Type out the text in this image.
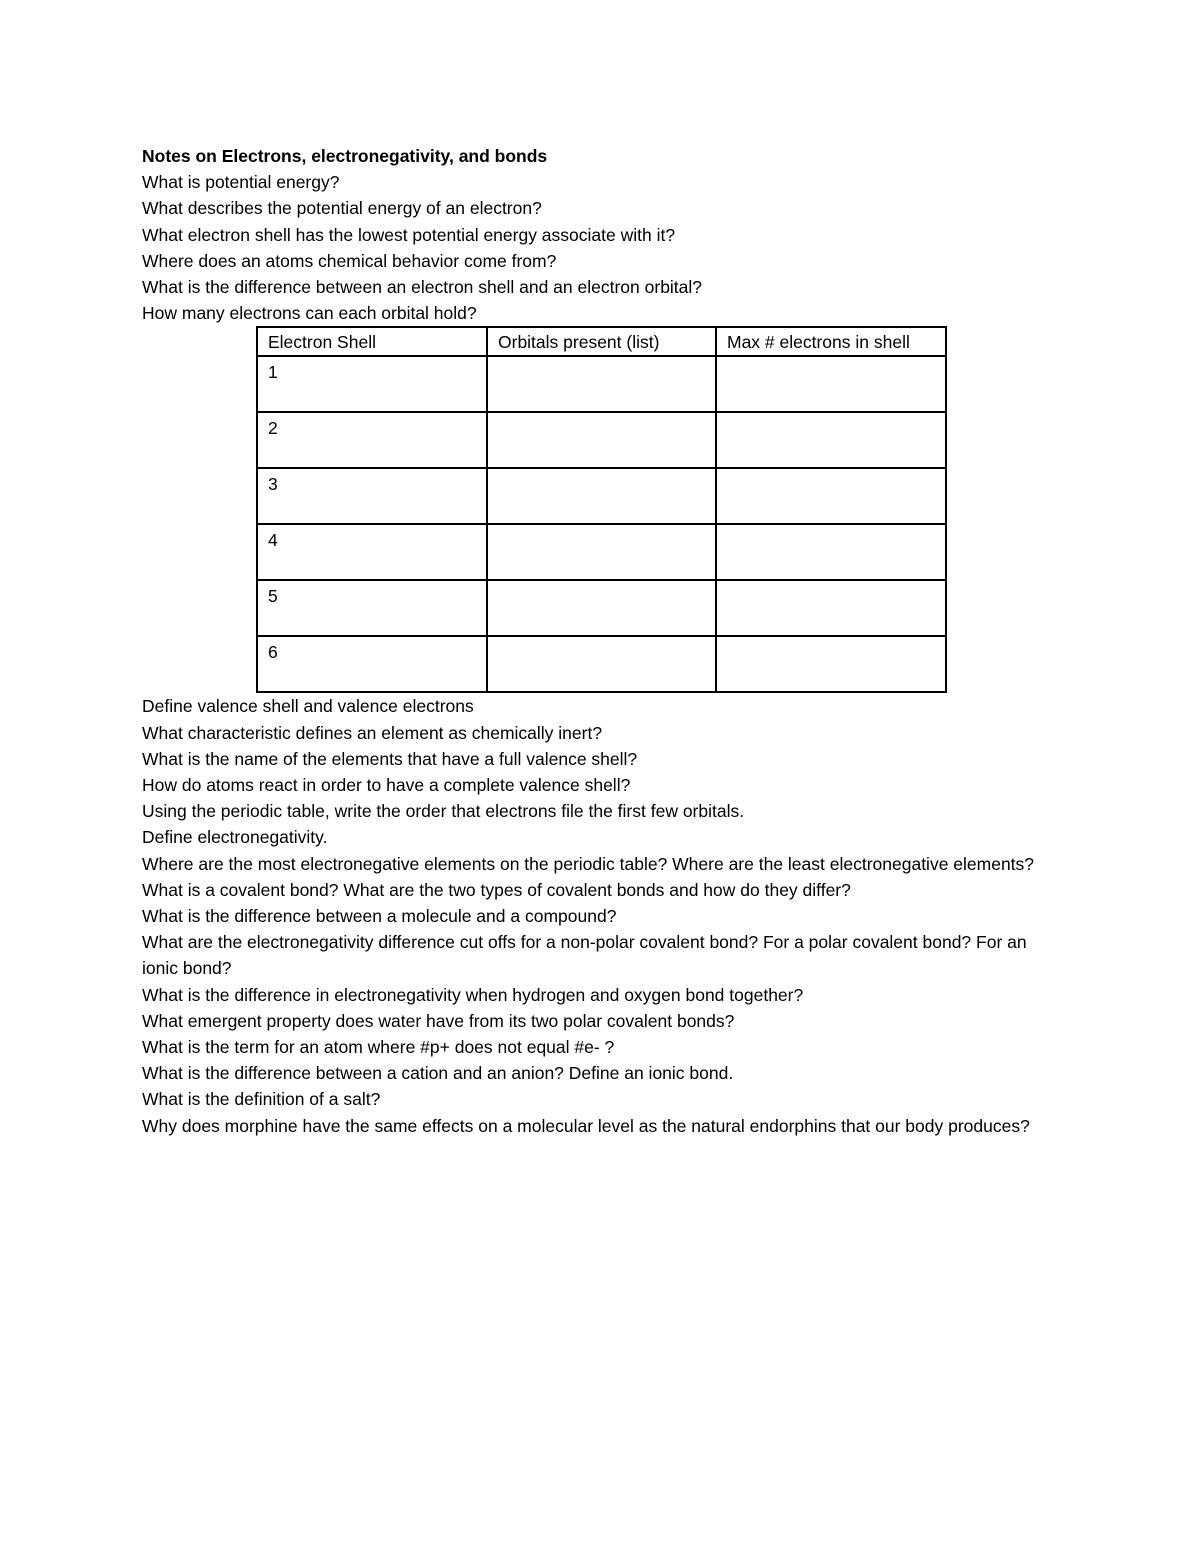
Notes on Electrons, electronegativity, and bonds

What is potential energy?

What describes the potential energy of an electron?

What electron shell has the lowest potential energy associate with it?

Where does an atoms chemical behavior come from?

What is the difference between an electron shell and an electron orbital?

How many electrons can each orbital hold?

Electron Shell	Orbitals present (list)	Max # electrons in shell
1		
2		
3		
4		
5		
6		

Define valence shell and valence electrons

What characteristic defines an element as chemically inert?

What is the name of the elements that have a full valence shell?

How do atoms react in order to have a complete valence shell?

Using the periodic table, write the order that electrons file the first few orbitals.

Define electronegativity.

Where are the most electronegative elements on the periodic table? Where are the least electronegative elements?

What is a covalent bond? What are the two types of covalent bonds and how do they differ?

What is the difference between a molecule and a compound?

What are the electronegativity difference cut offs for a non-polar covalent bond? For a polar covalent bond? For an ionic bond?

What is the difference in electronegativity when hydrogen and oxygen bond together?

What emergent property does water have from its two polar covalent bonds?

What is the term for an atom where #p+ does not equal #e- ?

What is the difference between a cation and an anion? Define an ionic bond.

What is the definition of a salt?

Why does morphine have the same effects on a molecular level as the natural endorphins that our body produces?
